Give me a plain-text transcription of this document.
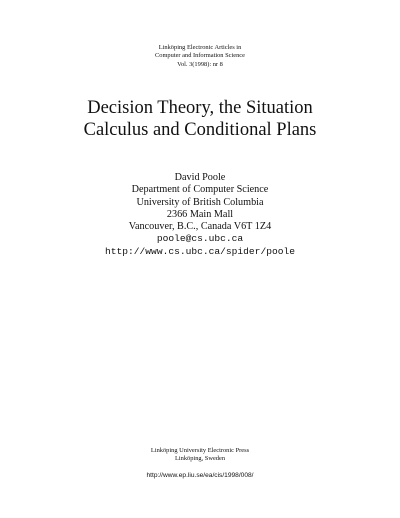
Linköping Electronic Articles in
Computer and Information Science
Vol. 3(1998): nr 8
Decision Theory, the Situation
Calculus and Conditional Plans
David Poole
Department of Computer Science
University of British Columbia
2366 Main Mall
Vancouver, B.C., Canada V6T 1Z4
poole@cs.ubc.ca
http://www.cs.ubc.ca/spider/poole
Linköping University Electronic Press
Linköping, Sweden
http://www.ep.liu.se/ea/cis/1998/008/
